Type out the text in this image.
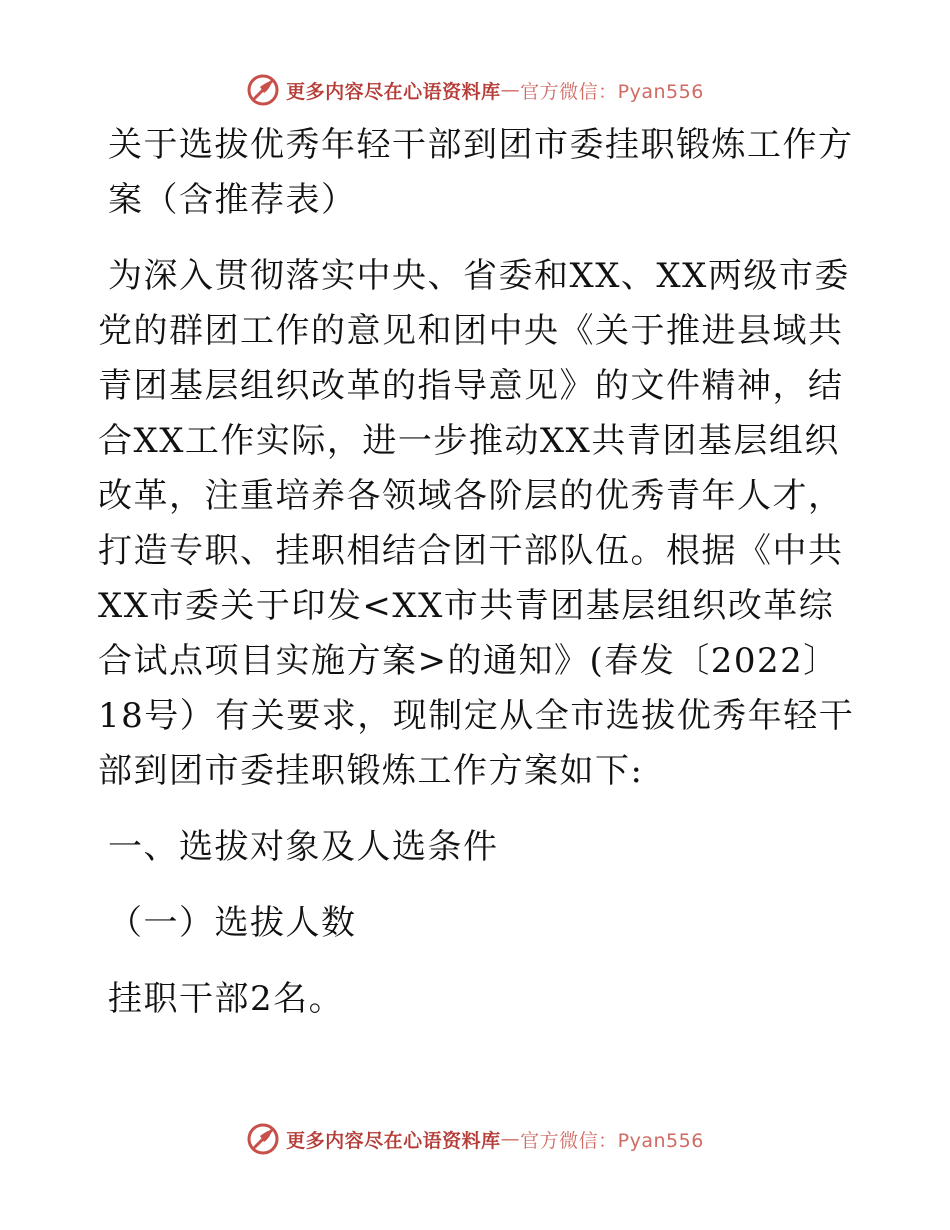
更多内容尽在心语资料库 — 官方微信：Pyan556
关于选拔优秀年轻干部到团市委挂职锻炼工作方案（含推荐表）
为深入贯彻落实中央、省委和XX、XX两级市委党的群团工作的意见和团中央《关于推进县域共青团基层组织改革的指导意见》的文件精神，结合XX工作实际，进一步推动XX共青团基层组织改革，注重培养各领域各阶层的优秀青年人才，打造专职、挂职相结合团干部队伍。根据《中共XX市委关于印发<XX市共青团基层组织改革综合试点项目实施方案>的通知》(春发〔2022〕18号）有关要求，现制定从全市选拔优秀年轻干部到团市委挂职锻炼工作方案如下:
一、选拔对象及人选条件
（一）选拔人数
挂职干部2名。
更多内容尽在心语资料库 — 官方微信：Pyan556
